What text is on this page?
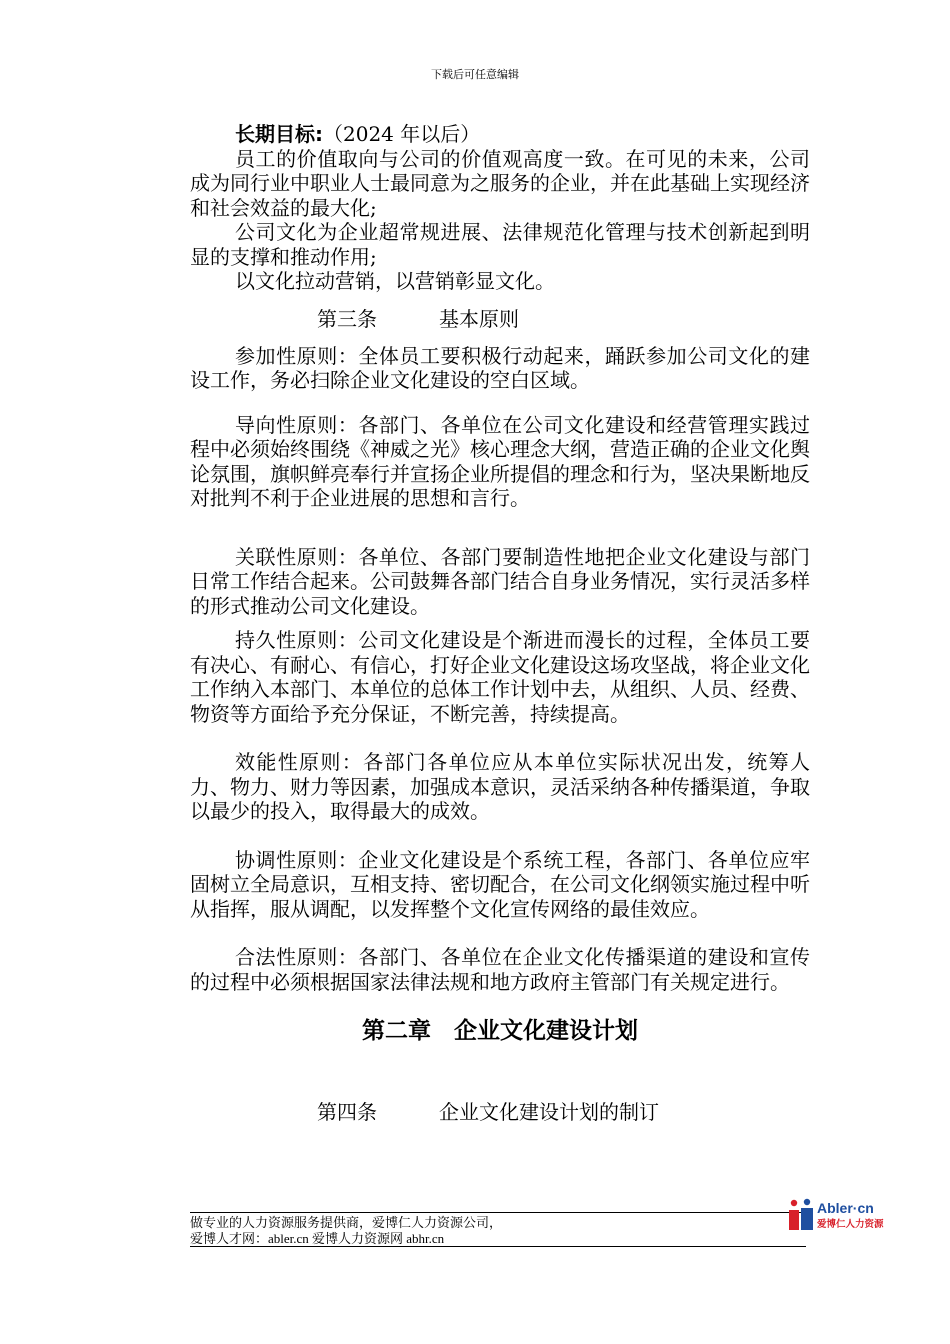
下载后可任意编辑

长期目标:（2024 年以后）

员工的价值取向与公司的价值观高度一致。在可见的未来，公司成为同行业中职业人士最同意为之服务的企业，并在此基础上实现经济和社会效益的最大化;

公司文化为企业超常规进展、法律规范化管理与技术创新起到明显的支撑和推动作用;

以文化拉动营销，以营销彰显文化。

第三条	基本原则

参加性原则：全体员工要积极行动起来，踊跃参加公司文化的建设工作，务必扫除企业文化建设的空白区域。

导向性原则：各部门、各单位在公司文化建设和经营管理实践过程中必须始终围绕《神威之光》核心理念大纲，营造正确的企业文化舆论氛围，旗帜鲜亮奉行并宣扬企业所提倡的理念和行为，坚决果断地反对批判不利于企业进展的思想和言行。

关联性原则：各单位、各部门要制造性地把企业文化建设与部门日常工作结合起来。公司鼓舞各部门结合自身业务情况，实行灵活多样的形式推动公司文化建设。

持久性原则：公司文化建设是个渐进而漫长的过程，全体员工要有决心、有耐心、有信心，打好企业文化建设这场攻坚战，将企业文化工作纳入本部门、本单位的总体工作计划中去，从组织、人员、经费、物资等方面给予充分保证，不断完善，持续提高。

效能性原则：各部门各单位应从本单位实际状况出发，统筹人力、物力、财力等因素，加强成本意识，灵活采纳各种传播渠道，争取以最少的投入，取得最大的成效。

协调性原则：企业文化建设是个系统工程，各部门、各单位应牢固树立全局意识，互相支持、密切配合，在公司文化纲领实施过程中听从指挥，服从调配，以发挥整个文化宣传网络的最佳效应。

合法性原则：各部门、各单位在企业文化传播渠道的建设和宣传的过程中必须根据国家法律法规和地方政府主管部门有关规定进行。

第二章　企业文化建设计划
第四条	企业文化建设计划的制订
做专业的人力资源服务提供商，爱博仁人力资源公司，
爱博人才网：abler.cn 爱博人力资源网 abhr.cn
Abler·cn
爱博仁人力资源
